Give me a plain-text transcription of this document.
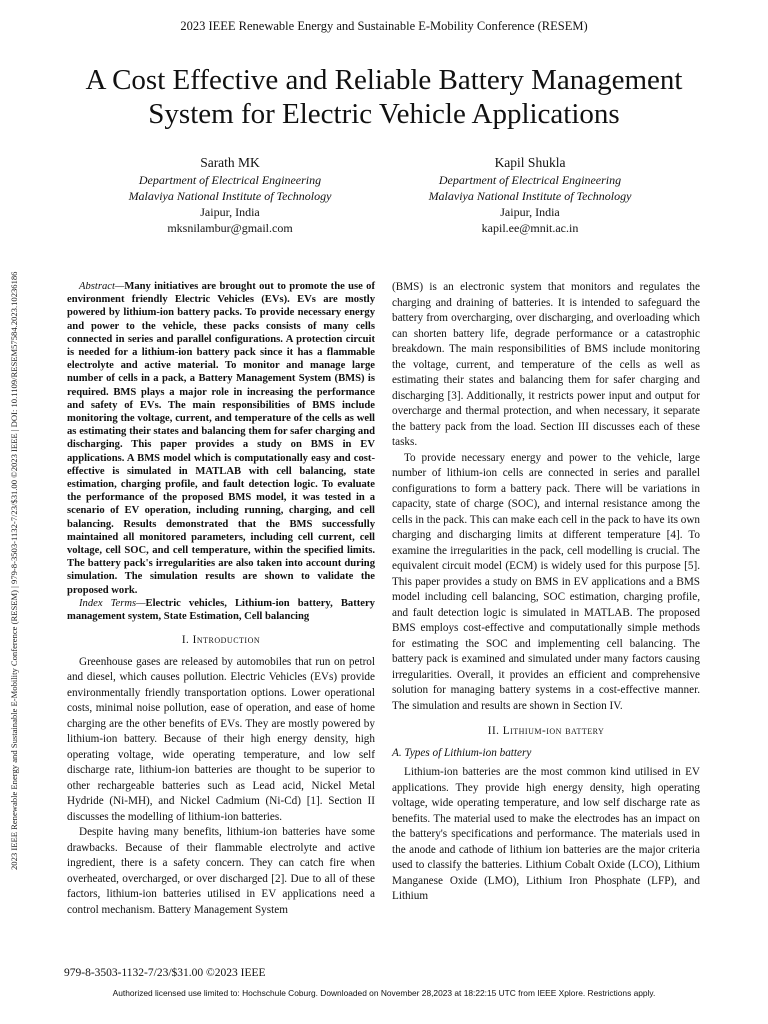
2023 IEEE Renewable Energy and Sustainable E-Mobility Conference (RESEM) | 979-8-3503-1132-7/23/$31.00 ©2023 IEEE | DOI: 10.1109/RESEM57584.2023.10236186
2023 IEEE Renewable Energy and Sustainable E-Mobility Conference (RESEM)
A Cost Effective and Reliable Battery Management System for Electric Vehicle Applications
Sarath MK
Department of Electrical Engineering
Malaviya National Institute of Technology
Jaipur, India
mksnilambur@gmail.com
Kapil Shukla
Department of Electrical Engineering
Malaviya National Institute of Technology
Jaipur, India
kapil.ee@mnit.ac.in

Abstract—Many initiatives are brought out to promote the use of environment friendly Electric Vehicles (EVs). EVs are mostly powered by lithium-ion battery packs. To provide necessary energy and power to the vehicle, these packs consists of many cells connected in series and parallel configurations. A protection circuit is needed for a lithium-ion battery pack since it has a flammable electrolyte and active material. To monitor and manage large number of cells in a pack, a Battery Management System (BMS) is required. BMS plays a major role in increasing the performance and safety of EVs. The main responsibilities of BMS include monitoring the voltage, current, and temperature of the cells as well as estimating their states and balancing them for safer charging and discharging. This paper provides a study on BMS in EV applications. A BMS model which is computationally easy and cost-effective is simulated in MATLAB with cell balancing, state estimation, charging profile, and fault detection logic. To evaluate the performance of the proposed BMS model, it was tested in a scenario of EV operation, including running, charging, and cell balancing. Results demonstrated that the BMS successfully maintained all monitored parameters, including cell current, cell voltage, cell SOC, and cell temperature, within the specified limits. The battery pack's irregularities are also taken into account during simulation. The simulation results are shown to validate the proposed work.

Index Terms—Electric vehicles, Lithium-ion battery, Battery management system, State Estimation, Cell balancing

I. Introduction

Greenhouse gases are released by automobiles that run on petrol and diesel, which causes pollution. Electric Vehicles (EVs) provide environmentally friendly transportation options. Lower operational costs, minimal noise pollution, ease of operation, and ease of home charging are the other benefits of EVs. They are mostly powered by lithium-ion battery. Because of their high energy density, high operating voltage, wide operating temperature, and low self discharge rate, lithium-ion batteries are thought to be superior to other rechargeable batteries such as Lead acid, Nickel Metal Hydride (Ni-MH), and Nickel Cadmium (Ni-Cd) [1]. Section II discusses the modelling of lithium-ion batteries.

Despite having many benefits, lithium-ion batteries have some drawbacks. Because of their flammable electrolyte and active ingredient, there is a safety concern. They can catch fire when overheated, overcharged, or over discharged [2]. Due to all of these factors, lithium-ion batteries utilised in EV applications need a control mechanism. Battery Management System

(BMS) is an electronic system that monitors and regulates the charging and draining of batteries. It is intended to safeguard the battery from overcharging, over discharging, and overloading which can shorten battery life, degrade performance or a catastrophic breakdown. The main responsibilities of BMS include monitoring the voltage, current, and temperature of the cells as well as estimating their states and balancing them for safer charging and discharging [3]. Additionally, it restricts power input and output for overcharge and thermal protection, and when necessary, it separate the battery pack from the load. Section III discusses each of these tasks.

To provide necessary energy and power to the vehicle, large number of lithium-ion cells are connected in series and parallel configurations to form a battery pack. There will be variations in capacity, state of charge (SOC), and internal resistance among the cells in the pack. This can make each cell in the pack to have its own charging and discharging limits at different temperature [4]. To examine the irregularities in the pack, cell modelling is crucial. The equivalent circuit model (ECM) is widely used for this purpose [5]. This paper provides a study on BMS in EV applications and a BMS model including cell balancing, SOC estimation, charging profile, and fault detection logic is simulated in MATLAB. The proposed BMS employs cost-effective and computationally simple methods for estimating the SOC and implementing cell balancing. The battery pack is examined and simulated under many factors causing irregularities. Overall, it provides an efficient and comprehensive solution for managing battery systems in a cost-effective manner. The simulation and results are shown in Section IV.

II. Lithium-ion battery
A. Types of Lithium-ion battery

Lithium-ion batteries are the most common kind utilised in EV applications. They provide high energy density, high operating voltage, wide operating temperature, and low self discharge rate as benefits. The material used to make the electrodes has an impact on the battery's specifications and performance. The materials used in the anode and cathode of lithium ion batteries are the major criteria used to classify the batteries. Lithium Cobalt Oxide (LCO), Lithium Manganese Oxide (LMO), Lithium Iron Phosphate (LFP), and Lithium

979-8-3503-1132-7/23/$31.00 ©2023 IEEE
Authorized licensed use limited to: Hochschule Coburg. Downloaded on November 28,2023 at 18:22:15 UTC from IEEE Xplore. Restrictions apply.
